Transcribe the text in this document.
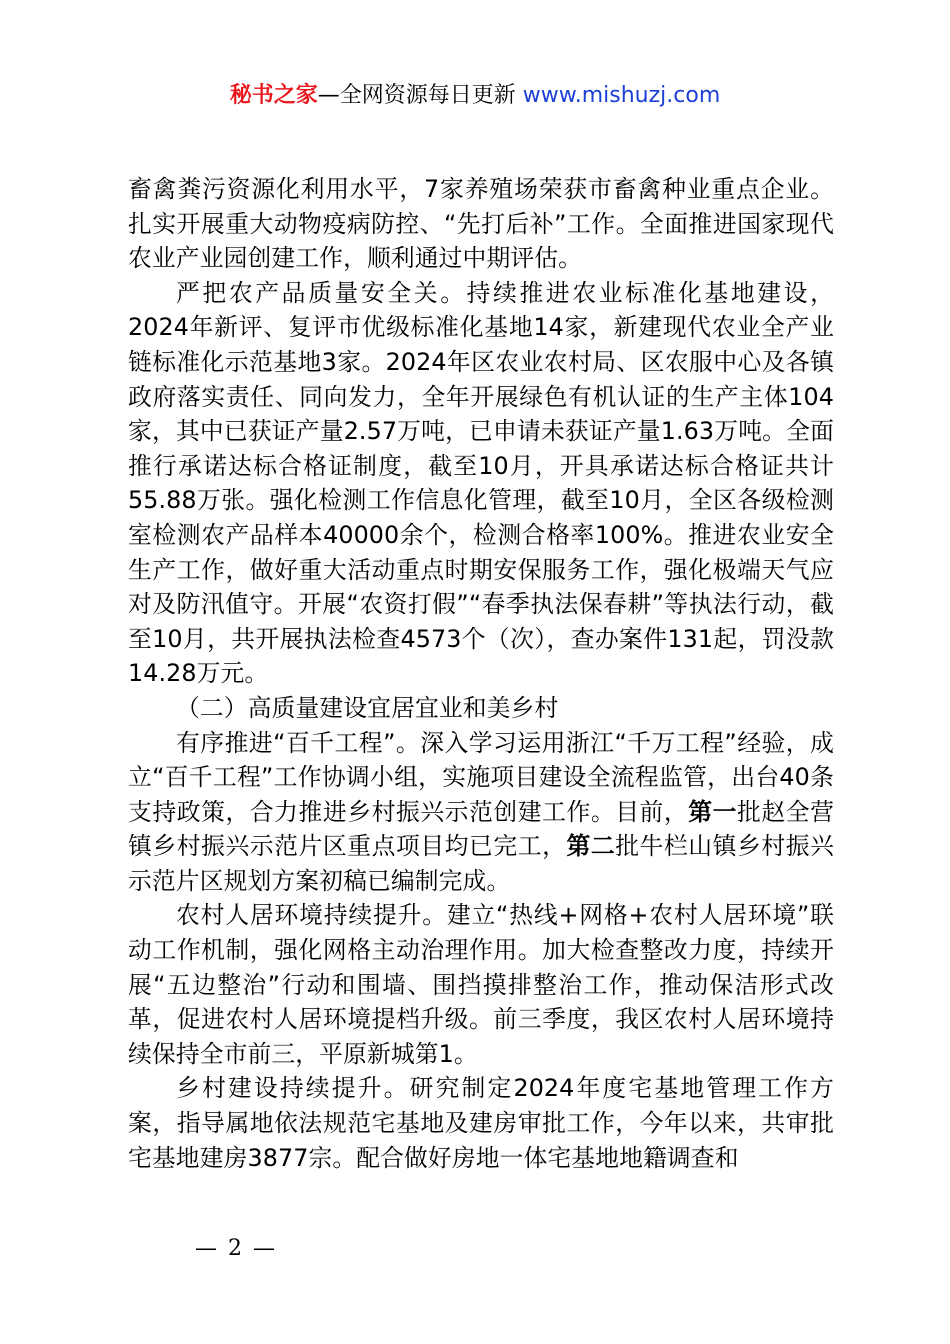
秘书之家—全网资源每日更新 www.mishuzj.com

畜禽粪污资源化利用水平，7家养殖场荣获市畜禽种业重点企业。扎实开展重大动物疫病防控、“先打后补”工作。全面推进国家现代农业产业园创建工作，顺利通过中期评估。

严把农产品质量安全关。持续推进农业标准化基地建设，2024年新评、复评市优级标准化基地14家，新建现代农业全产业链标准化示范基地3家。2024年区农业农村局、区农服中心及各镇政府落实责任、同向发力，全年开展绿色有机认证的生产主体104家，其中已获证产量2.57万吨，已申请未获证产量1.63万吨。全面推行承诺达标合格证制度，截至10月，开具承诺达标合格证共计55.88万张。强化检测工作信息化管理，截至10月，全区各级检测室检测农产品样本40000余个，检测合格率100%。推进农业安全生产工作，做好重大活动重点时期安保服务工作，强化极端天气应对及防汛值守。开展“农资打假”“春季执法保春耕”等执法行动，截至10月，共开展执法检查4573个（次），查办案件131起，罚没款14.28万元。

（二）高质量建设宜居宜业和美乡村

有序推进“百千工程”。深入学习运用浙江“千万工程”经验，成立“百千工程”工作协调小组，实施项目建设全流程监管，出台40条支持政策，合力推进乡村振兴示范创建工作。目前，第一批赵全营镇乡村振兴示范片区重点项目均已完工，第二批牛栏山镇乡村振兴示范片区规划方案初稿已编制完成。

农村人居环境持续提升。建立“热线+网格+农村人居环境”联动工作机制，强化网格主动治理作用。加大检查整改力度，持续开展“五边整治”行动和围墙、围挡摸排整治工作，推动保洁形式改革，促进农村人居环境提档升级。前三季度，我区农村人居环境持续保持全市前三，平原新城第1。

乡村建设持续提升。研究制定2024年度宅基地管理工作方案，指导属地依法规范宅基地及建房审批工作，今年以来，共审批宅基地建房3877宗。配合做好房地一体宅基地地籍调查和

— 2 —
